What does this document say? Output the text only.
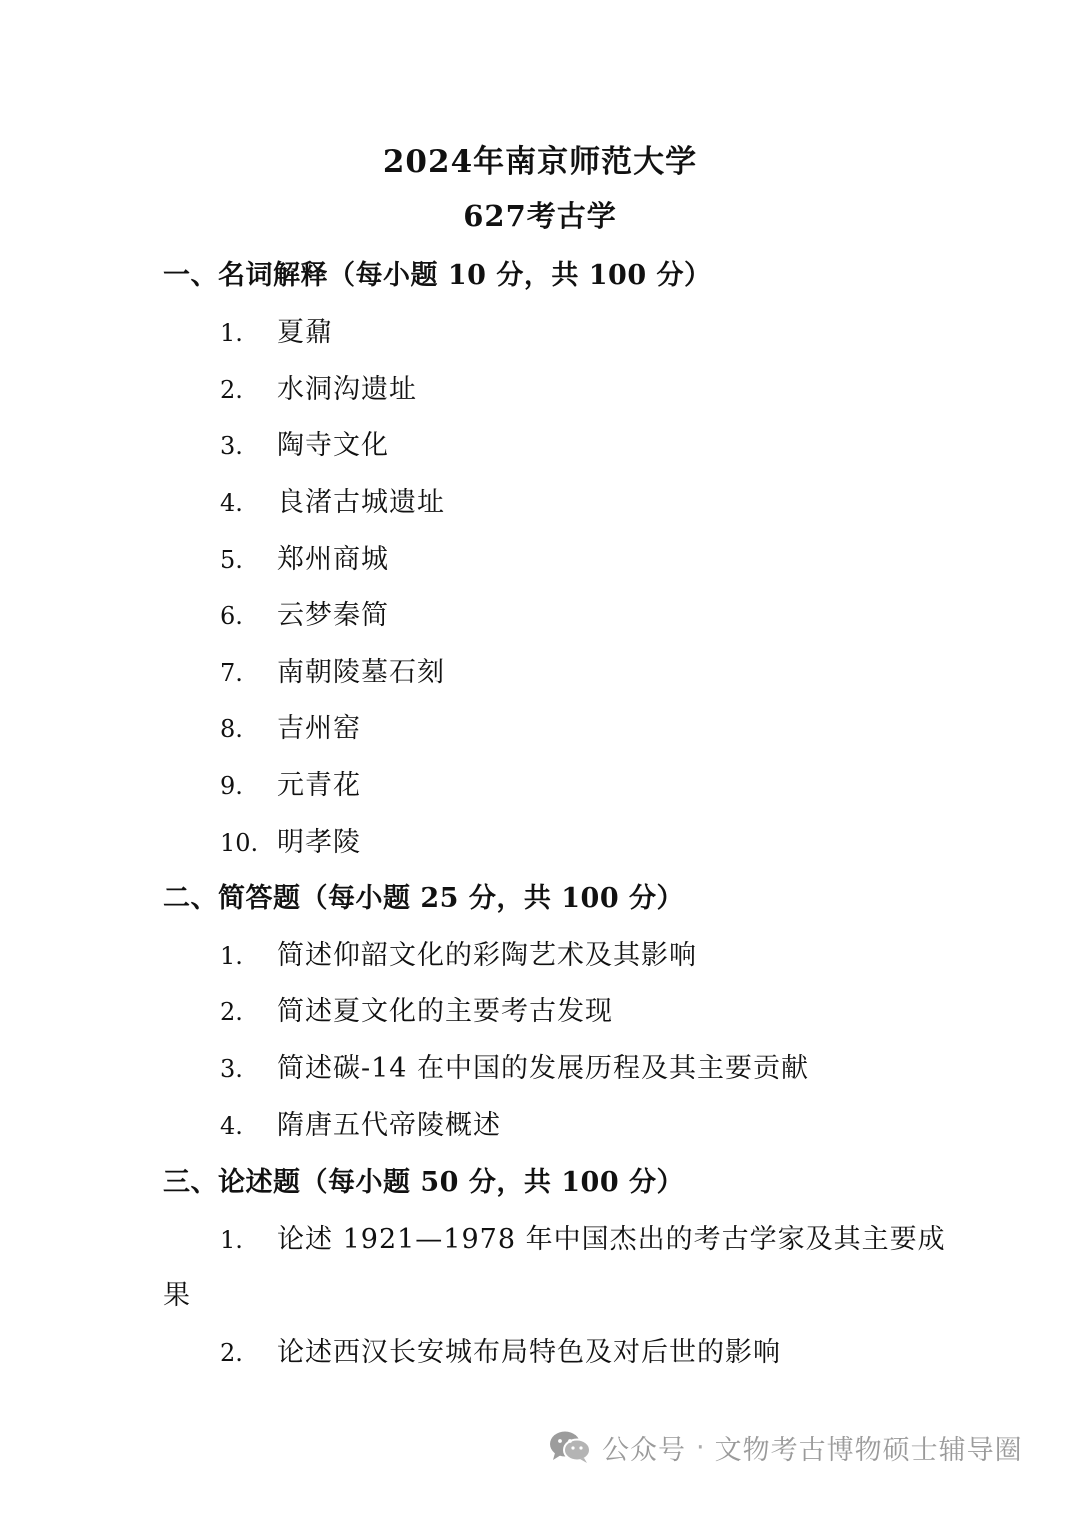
2024年南京师范大学
627考古学
一、名词解释（每小题 10 分，共 100 分）
1.	夏鼐
2.	水洞沟遗址
3.	陶寺文化
4.	良渚古城遗址
5.	郑州商城
6.	云梦秦简
7.	南朝陵墓石刻
8.	吉州窑
9.	元青花
10. 明孝陵
二、简答题（每小题 25 分，共 100 分）
1.	简述仰韶文化的彩陶艺术及其影响
2.	简述夏文化的主要考古发现
3.	简述碳-14 在中国的发展历程及其主要贡献
4.	隋唐五代帝陵概述
三、论述题（每小题 50 分，共 100 分）
1.	论述 1921—1978 年中国杰出的考古学家及其主要成
果
2.	论述西汉长安城布局特色及对后世的影响
公众号 · 文物考古博物硕士辅导圈
